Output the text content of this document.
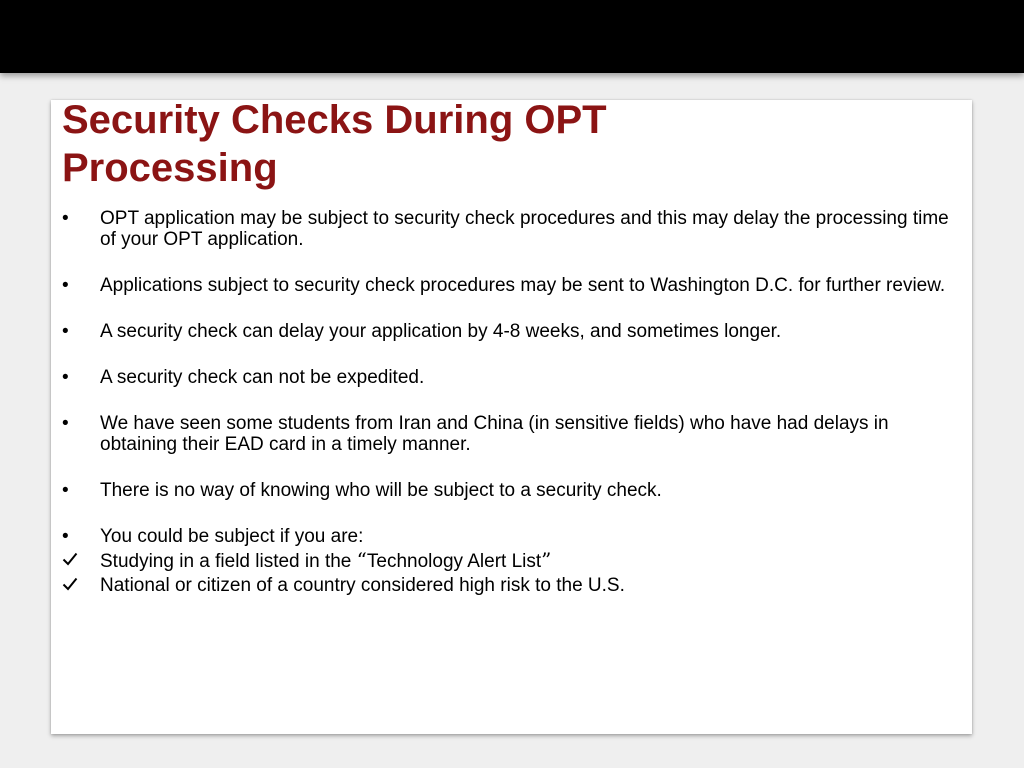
Security Checks During OPT Processing
•	OPT application may be subject to security check procedures and this may delay the processing time of your OPT application.
•	Applications subject to security check procedures may be sent to Washington D.C. for further review.
•	A security check can delay your application by 4-8 weeks, and sometimes longer.
•	A security check can not be expedited.
•	We have seen some students from Iran and China (in sensitive fields) who have had delays in obtaining their EAD card in a timely manner.
•	There is no way of knowing who will be subject to a security check.
•	You could be subject if you are:
Studying in a field listed in the “Technology Alert List”
National or citizen of a country considered high risk to the U.S.
